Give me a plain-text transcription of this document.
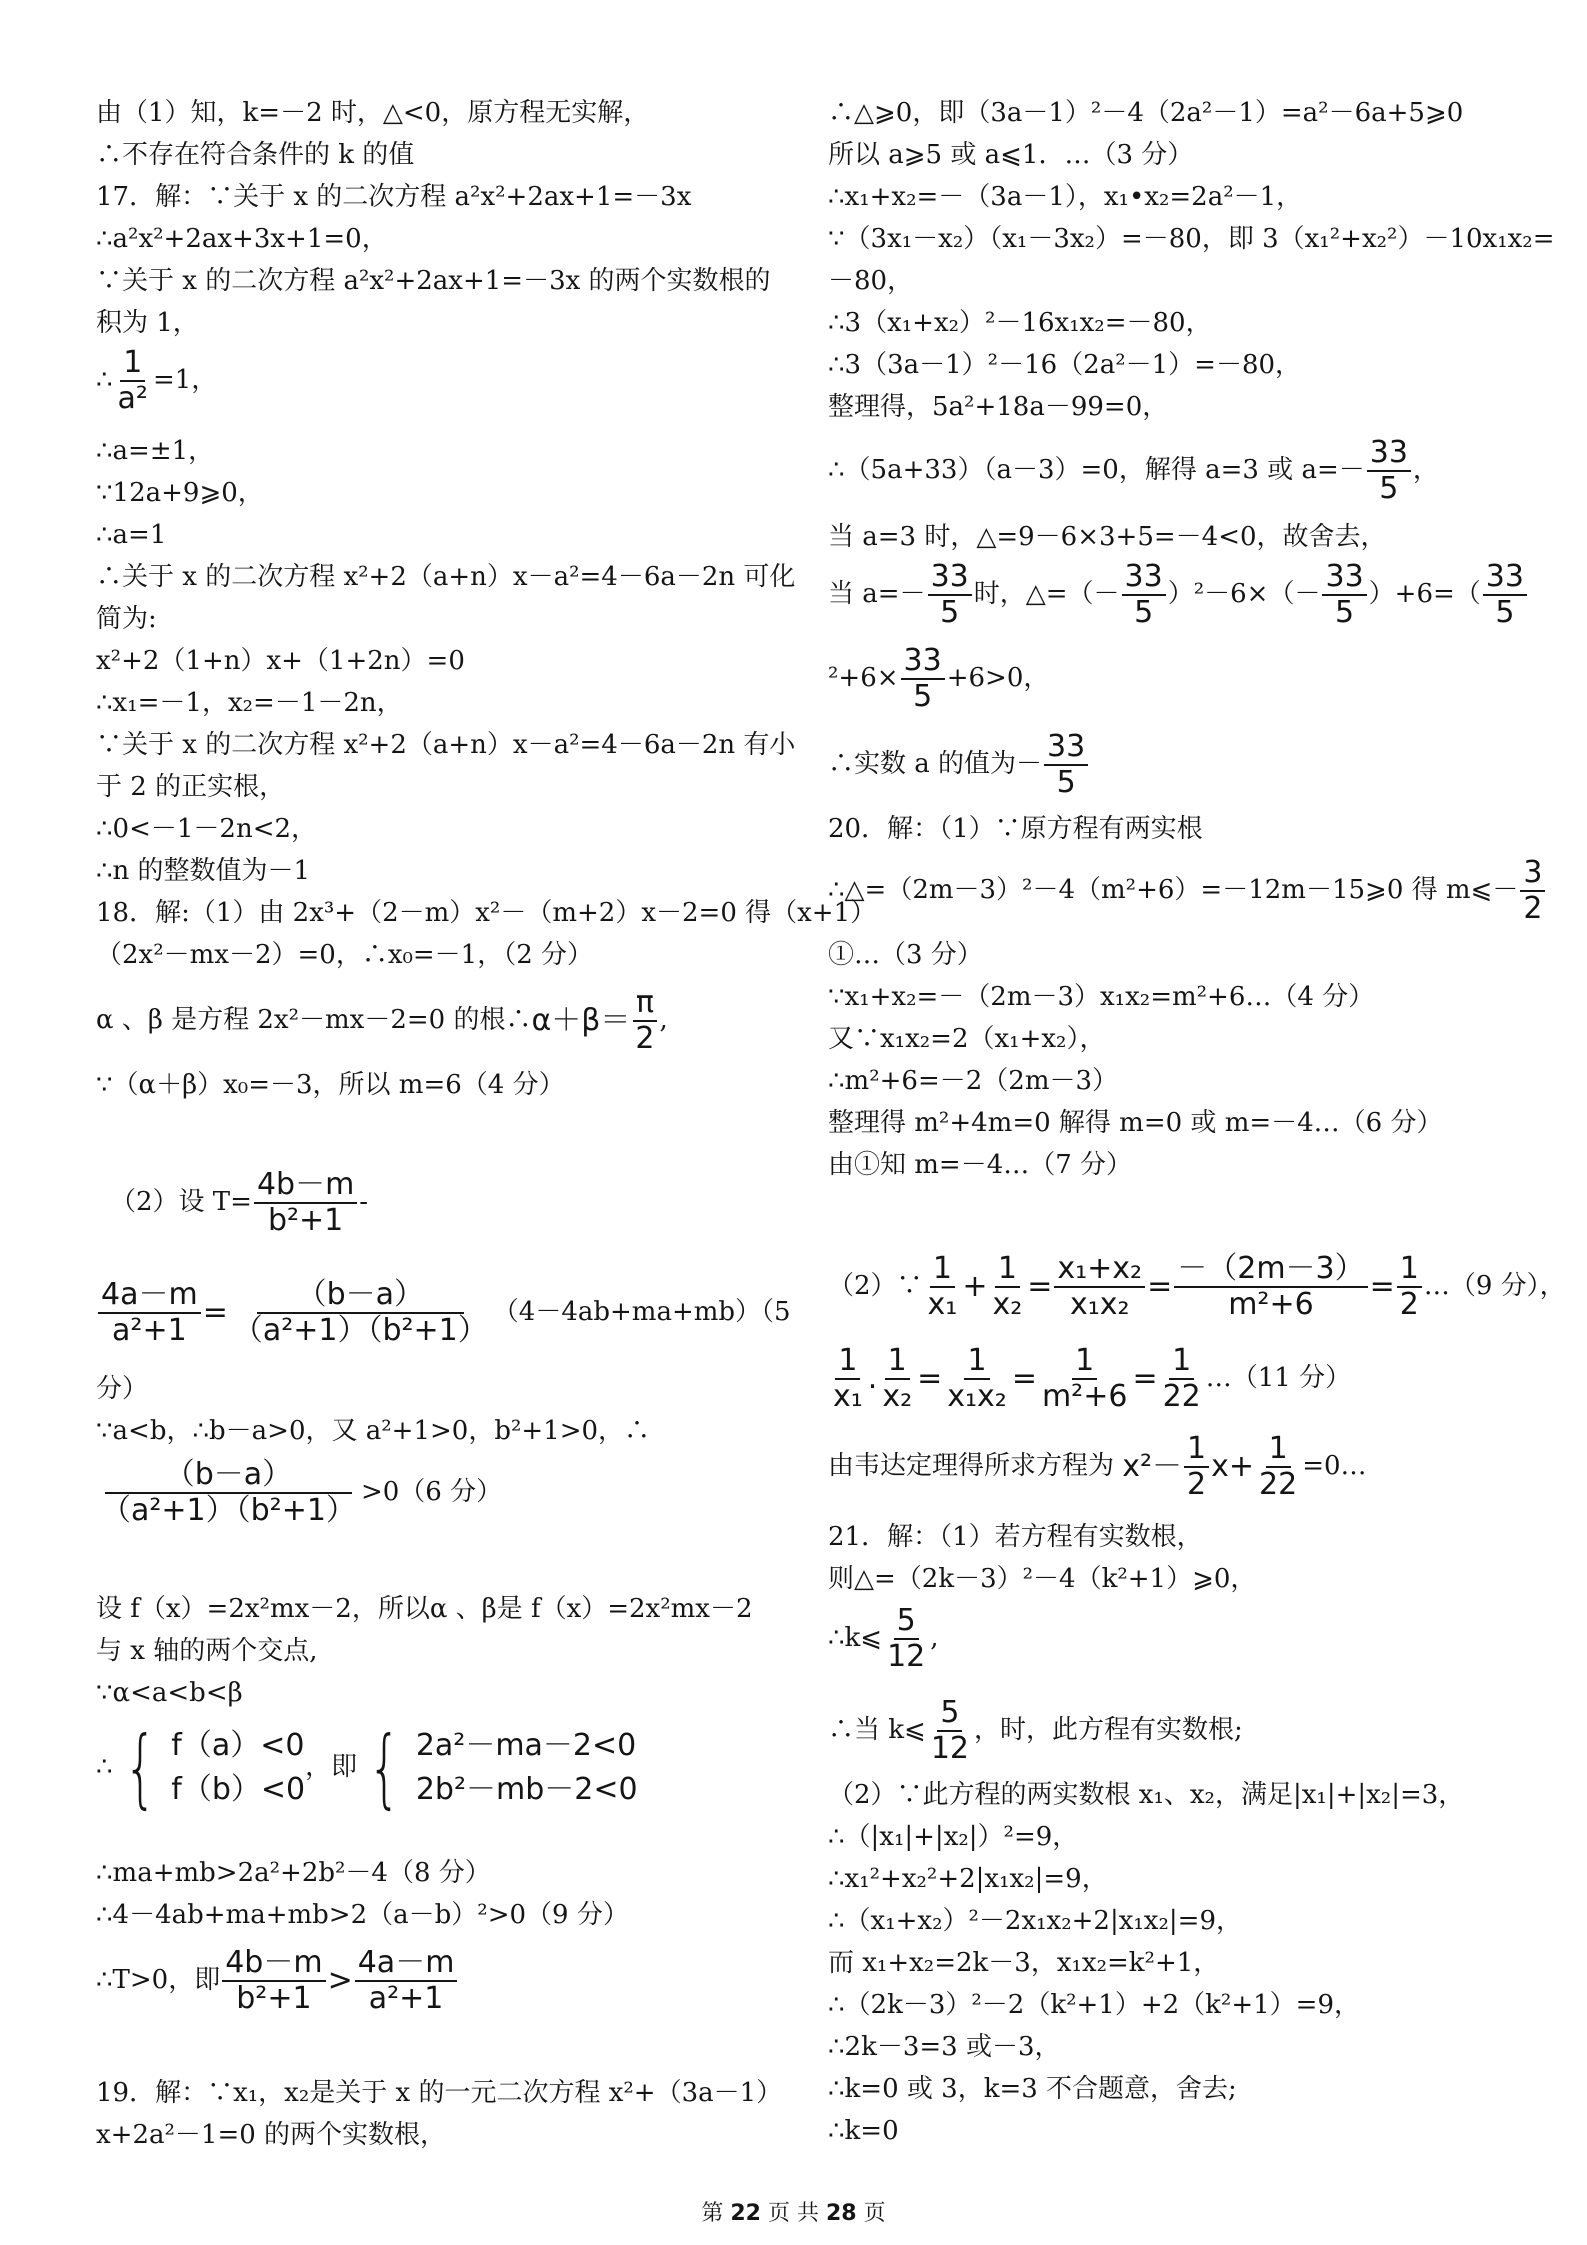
由（1）知，k=－2 时，△<0，原方程无实解，
∴不存在符合条件的 k 的值
17．解：∵关于 x 的二次方程 a²x²+2ax+1=－3x
∴a²x²+2ax+3x+1=0，
∵关于 x 的二次方程 a²x²+2ax+1=－3x 的两个实数根的
积为 1，
∴ $\frac{1}{\text{a²}} =1$，
∴a=±1，
∵12a+9⩾0，
∴a=1
∴关于 x 的二次方程 x²+2（a+n）x－a²=4－6a－2n 可化
简为:
x²+2（1+n）x+（1+2n）=0
∴x₁=－1，x₂=－1－2n，
∵关于 x 的二次方程 x²+2（a+n）x－a²=4－6a－2n 有小
于 2 的正实根，
∴0<－1－2n<2，
∴n 的整数值为－1
18．解:（1）由 2x³+（2－m）x²－（m+2）x－2=0 得（x+1）
（2x²－mx－2）=0，∴x₀=－1，（2 分）
α 、β 是方程 2x²－mx－2=0 的根∴ $\alpha+\beta= \frac{\pi}{2}$ ,
∵（α＋β）x₀=－3，所以 m=6（4 分）
（2）设 $T= \frac{4b-m}{\text{b²+1}}$ -
$\frac{4a-m}{\text{a²+1}} = \frac{(b-a)}{\text{（a²+1）（b²+1）}} (4-4ab+ma+mb)(5$
分）
∵a<b，∴b－a>0，又 a²+1>0，b²+1>0，∴
$\frac{(b-a)}{\text{（a²+1）（b²+1）}} >0(6$ 分）
设 f（x）=2x²mx－2，所以α 、β是 f（x）=2x²mx－2
与 x 轴的两个交点,
∵α<a<b<β
∴ { f（a）<0
f（b）<0
，即 { 2a²－ma－2<0
2b²－mb－2<0
∴ma+mb>2a²+2b²－4（8 分）
∴4－4ab+ma+mb>2（a－b）²>0（9 分）
∴T>0，即 $\frac{4b-m}{\text{b²+1}} > \frac{4a-m}{\text{a²+1}}$
19．解：∵x₁，x₂是关于 x 的一元二次方程 x²+（3a－1）
x+2a²－1=0 的两个实数根，
∴△⩾0，即（3a－1）²－4（2a²－1）=a²－6a+5⩾0
所以 a⩾5 或 a⩽1．…（3 分）
∴x₁+x₂=－（3a－1），x₁•x₂=2a²－1，
∵（3x₁－x₂）（x₁－3x₂）=－80，即 3（x₁²+x₂²）－10x₁x₂=
－80，
∴3（x₁+x₂）²－16x₁x₂=－80，
∴3（3a－1）²－16（2a²－1）=－80，
整理得，5a²+18a－99=0，
∴（5a+33）（a－3）=0，解得 a=3 或 $a=- \frac{33}{5}$ ，
当 a=3 时，△=9－6×3+5=－4<0，故舍去，
当 $a=- \frac{33}{5}$ 时，△=（－ $\frac{33}{5} )^2-6\times(- \frac{33}{5} )+6=( \frac{33}{5}$
$^2+6\times \frac{33}{5} +6>0$，
∴实数 a 的值为－ $\frac{33}{5}$
20．解：（1）∵原方程有两实根
∴△=（2m－3）²－4（m²+6）=－12m－15⩾0 得 m⩽－ $\frac{3}{2}$
①…（3 分）
∵x₁+x₂=－（2m－3）x₁x₂=m²+6…（4 分）
又∵x₁x₂=2（x₁+x₂），
∴m²+6=－2（2m－3）
整理得 m²+4m=0 解得 m=0 或 m=－4…（6 分）
由①知 m=－4…（7 分）
（2）∵ $\frac{1}{\text{x₁}} + \frac{1}{\text{x₂}} = \frac{\text{x₁+x₂}}{\text{x₁x₂}} = \frac{-(2m-3)}{\text{m²+6}} = \frac{1}{2}$ …（9 分），
$\frac{1}{\text{x₁}}$ . $\frac{1}{\text{x₂}} = \frac{1}{\text{x₁x₂}} = \frac{1}{\text{m²+6}} = \frac{1}{22}$ …（11 分）
由韦达定理得所求方程为 $x^2- \frac{1}{2} x+ \frac{1}{22}$ =0…
21．解：（1）若方程有实数根，
则△=（2k－3）²－4（k²+1）⩾0，
∴k⩽ $\frac{5}{12}$ ,
∴当 k⩽ $\frac{5}{12}$ ，时，此方程有实数根;
（2）∵此方程的两实数根 x₁、x₂，满足|x₁|+|x₂|=3，
∴（|x₁|+|x₂|）²=9，
∴x₁²+x₂²+2|x₁x₂|=9，
∴（x₁+x₂）²－2x₁x₂+2|x₁x₂|=9，
而 x₁+x₂=2k－3，x₁x₂=k²+1，
∴（2k－3）²－2（k²+1）+2（k²+1）=9，
∴2k－3=3 或－3，
∴k=0 或 3，k=3 不合题意，舍去;
∴k=0
第 22 页 共 28 页
